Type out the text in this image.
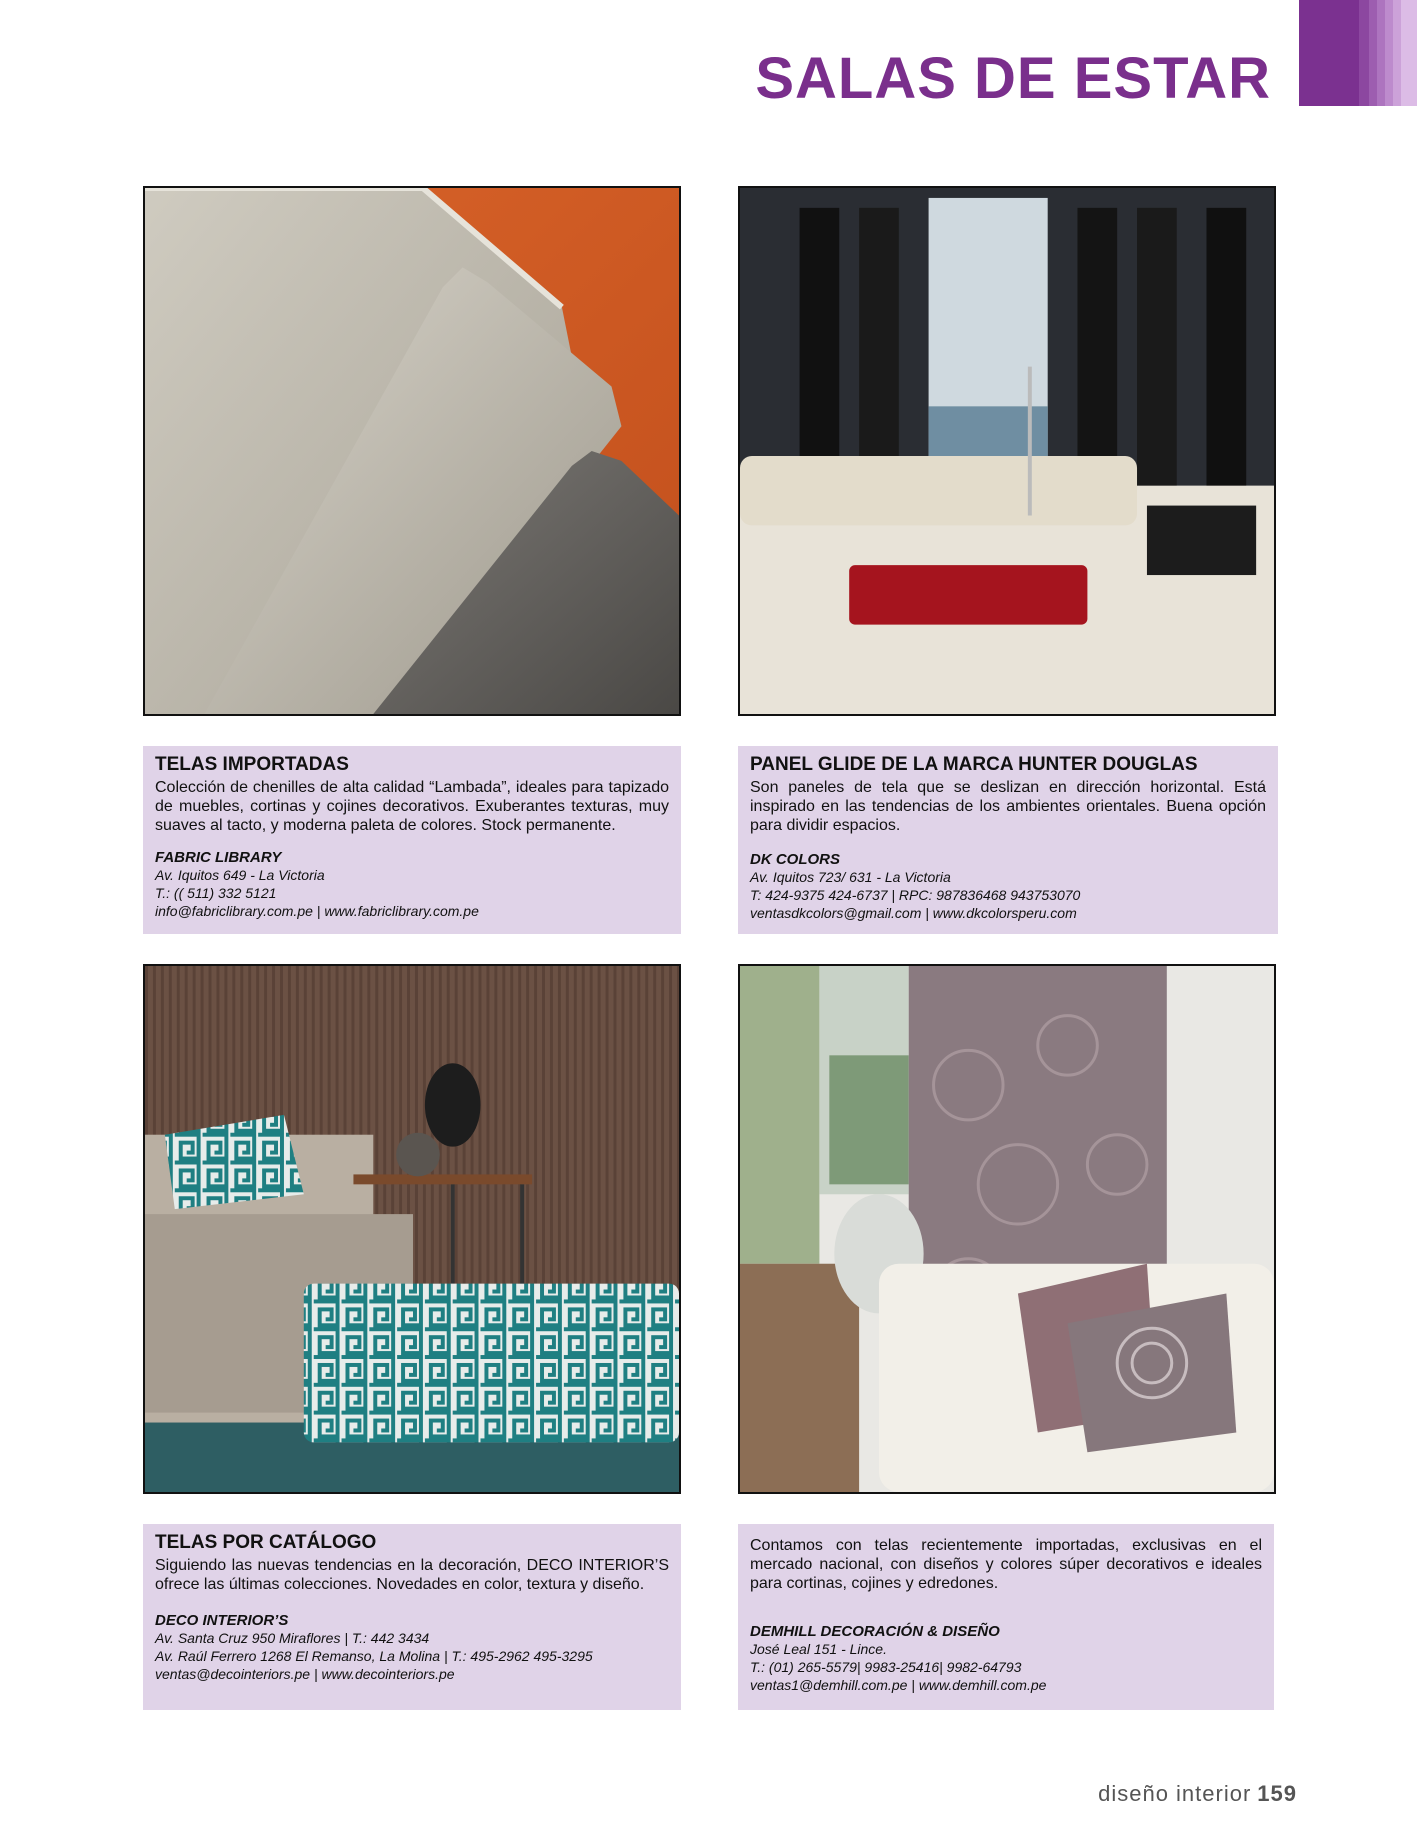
SALAS DE ESTAR
TELAS IMPORTADAS

Colección de chenilles de alta calidad “Lambada”, ideales para tapizado de muebles, cortinas y cojines decorativos. Exuberantes texturas, muy suaves al tacto, y moderna paleta de colores. Stock permanente.

FABRIC LIBRARY

Av. Iquitos 649 - La Victoria

T.: (( 511) 332 5121

info@fabriclibrary.com.pe | www.fabriclibrary.com.pe

PANEL GLIDE DE LA MARCA HUNTER DOUGLAS

Son paneles de tela que se deslizan en dirección horizontal. Está inspirado en las tendencias de los ambientes orientales. Buena opción para dividir espacios.

DK COLORS

Av. Iquitos 723/ 631 - La Victoria

T: 424-9375 424-6737 | RPC: 987836468 943753070

ventasdkcolors@gmail.com | www.dkcolorsperu.com

TELAS POR CATÁLOGO

Siguiendo las nuevas tendencias en la decoración, DECO INTERIOR’S ofrece las últimas colecciones. Novedades en color, textura y diseño.

DECO INTERIOR’S

Av. Santa Cruz 950 Miraflores | T.: 442 3434

Av. Raúl Ferrero 1268 El Remanso, La Molina | T.: 495-2962 495-3295

ventas@decointeriors.pe | www.decointeriors.pe

Contamos con telas recientemente importadas, exclusivas en el mercado nacional, con diseños y colores súper decorativos e ideales para cortinas, cojines y edredones.

DEMHILL DECORACIÓN & DISEÑO

José Leal 151 - Lince.

T.: (01) 265-5579| 9983-25416| 9982-64793

ventas1@demhill.com.pe | www.demhill.com.pe

diseño interior 159
